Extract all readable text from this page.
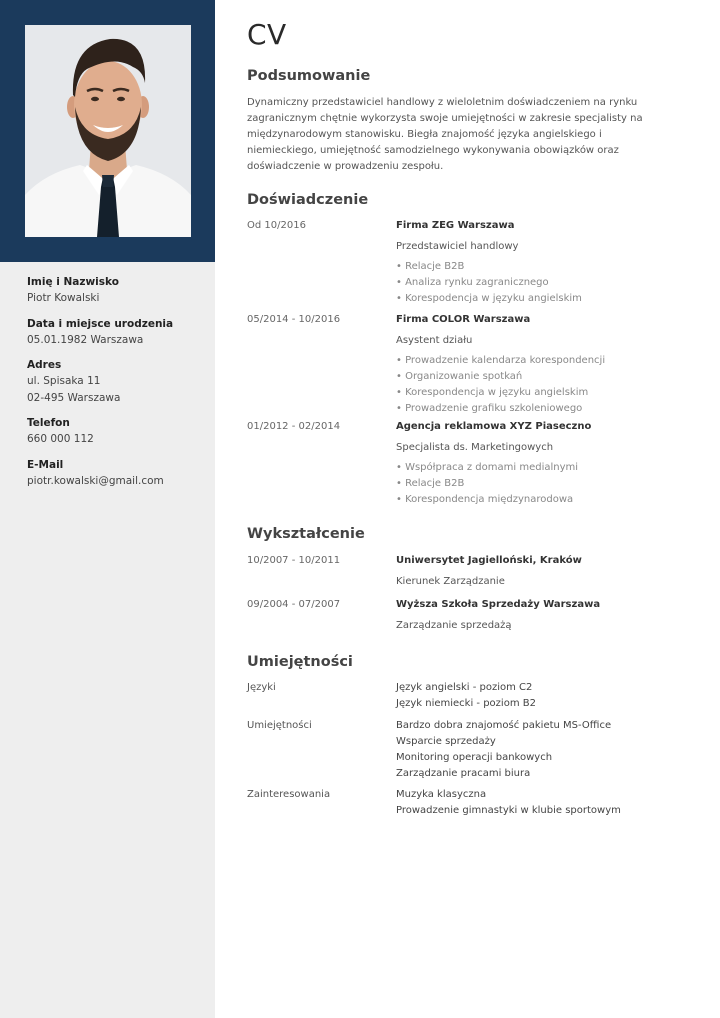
Imię i Nazwisko
Piotr Kowalski
Data i miejsce urodzenia
05.01.1982 Warszawa
Adres
ul. Spisaka 11
02-495 Warszawa
Telefon
660 000 112
E-Mail
piotr.kowalski@gmail.com
CV
Podsumowanie

Dynamiczny przedstawiciel handlowy z wieloletnim doświadczeniem na rynku zagranicznym chętnie wykorzysta swoje umiejętności w zakresie specjalisty na międzynarodowym stanowisku. Biegła znajomość języka angielskiego i niemieckiego, umiejętność samodzielnego wykonywania obowiązków oraz doświadczenie w prowadzeniu zespołu.

Doświadczenie
Od 10/2016	Firma ZEG Warszawa
Przedstawiciel handlowy
• Relacje B2B
• Analiza rynku zagranicznego
• Korespodencja w języku angielskim
05/2014 - 10/2016	Firma COLOR Warszawa
Asystent działu
• Prowadzenie kalendarza korespondencji
• Organizowanie spotkań
• Korespondencja w języku angielskim
• Prowadzenie grafiku szkoleniowego
01/2012 - 02/2014	Agencja reklamowa XYZ Piaseczno
Specjalista ds. Marketingowych
• Współpraca z domami medialnymi
• Relacje B2B
• Korespondencja międzynarodowa
Wykształcenie
10/2007 - 10/2011	Uniwersytet Jagielloński, Kraków
Kierunek Zarządzanie
09/2004 - 07/2007	Wyższa Szkoła Sprzedaży Warszawa
Zarządzanie sprzedażą
Umiejętności
Języki	Język angielski - poziom C2
Język niemiecki - poziom B2
Umiejętności	Bardzo dobra znajomość pakietu MS-Office
Wsparcie sprzedaży
Monitoring operacji bankowych
Zarządzanie pracami biura
Zainteresowania	Muzyka klasyczna
Prowadzenie gimnastyki w klubie sportowym
